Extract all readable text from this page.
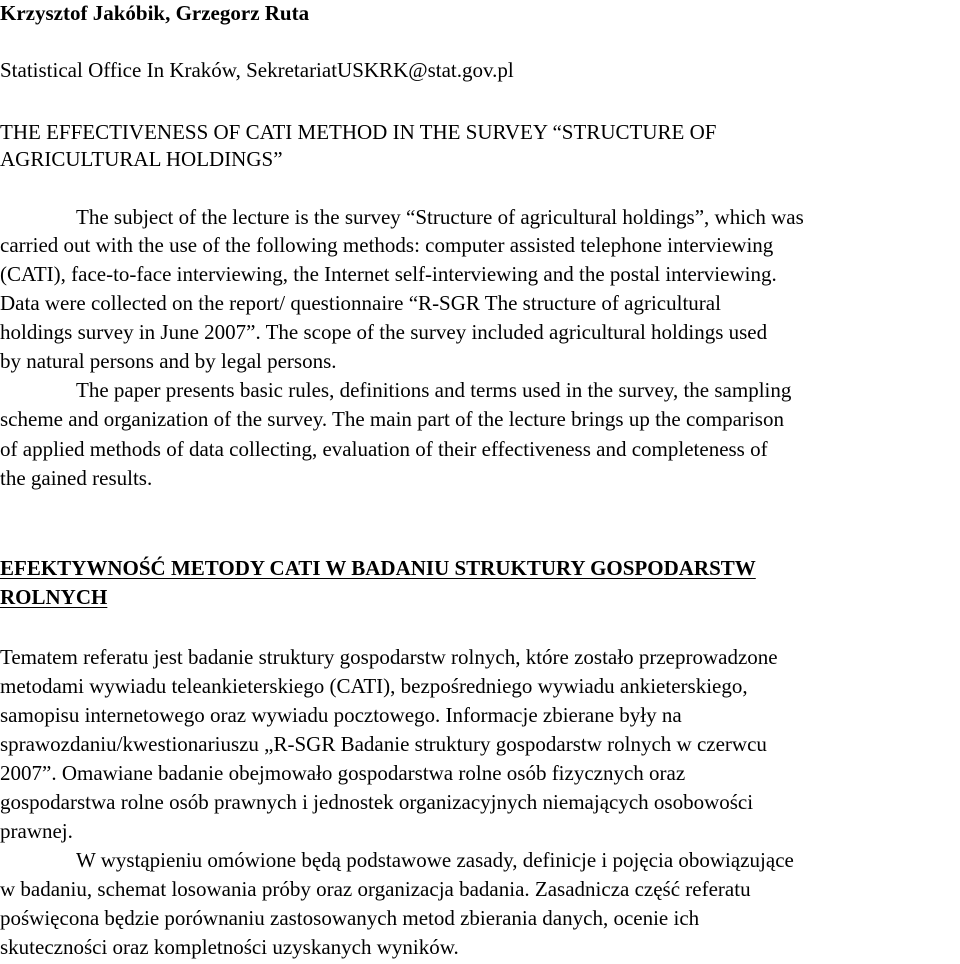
Krzysztof Jakóbik, Grzegorz Ruta
Statistical Office In Kraków, SekretariatUSKRK@stat.gov.pl
THE EFFECTIVENESS OF CATI METHOD IN THE SURVEY “STRUCTURE OF
AGRICULTURAL HOLDINGS”
The subject of the lecture is the survey “Structure of agricultural holdings”, which was
carried out with the use of the following methods: computer assisted telephone interviewing
(CATI), face-to-face interviewing, the Internet self-interviewing and the postal interviewing.
Data were collected on the report/ questionnaire “R-SGR The structure of agricultural
holdings survey in June 2007”. The scope of the survey included agricultural holdings used
by natural persons and by legal persons.
The paper presents basic rules, definitions and terms used in the survey, the sampling
scheme and organization of the survey. The main part of the lecture brings up the comparison
of applied methods of data collecting, evaluation of their effectiveness and completeness of
the gained results.
EFEKTYWNOŚĆ METODY CATI W BADANIU STRUKTURY GOSPODARSTW
ROLNYCH
Tematem referatu jest badanie struktury gospodarstw rolnych, które zostało przeprowadzone
metodami wywiadu teleankieterskiego (CATI), bezpośredniego wywiadu ankieterskiego,
samopisu internetowego oraz wywiadu pocztowego. Informacje zbierane były na
sprawozdaniu/kwestionariuszu „R-SGR Badanie struktury gospodarstw rolnych w czerwcu
2007”. Omawiane badanie obejmowało gospodarstwa rolne osób fizycznych oraz
gospodarstwa rolne osób prawnych i jednostek organizacyjnych niemających osobowości
prawnej.
W wystąpieniu omówione będą podstawowe zasady, definicje i pojęcia obowiązujące
w badaniu, schemat losowania próby oraz organizacja badania. Zasadnicza część referatu
poświęcona będzie porównaniu zastosowanych metod zbierania danych, ocenie ich
skuteczności oraz kompletności uzyskanych wyników.
